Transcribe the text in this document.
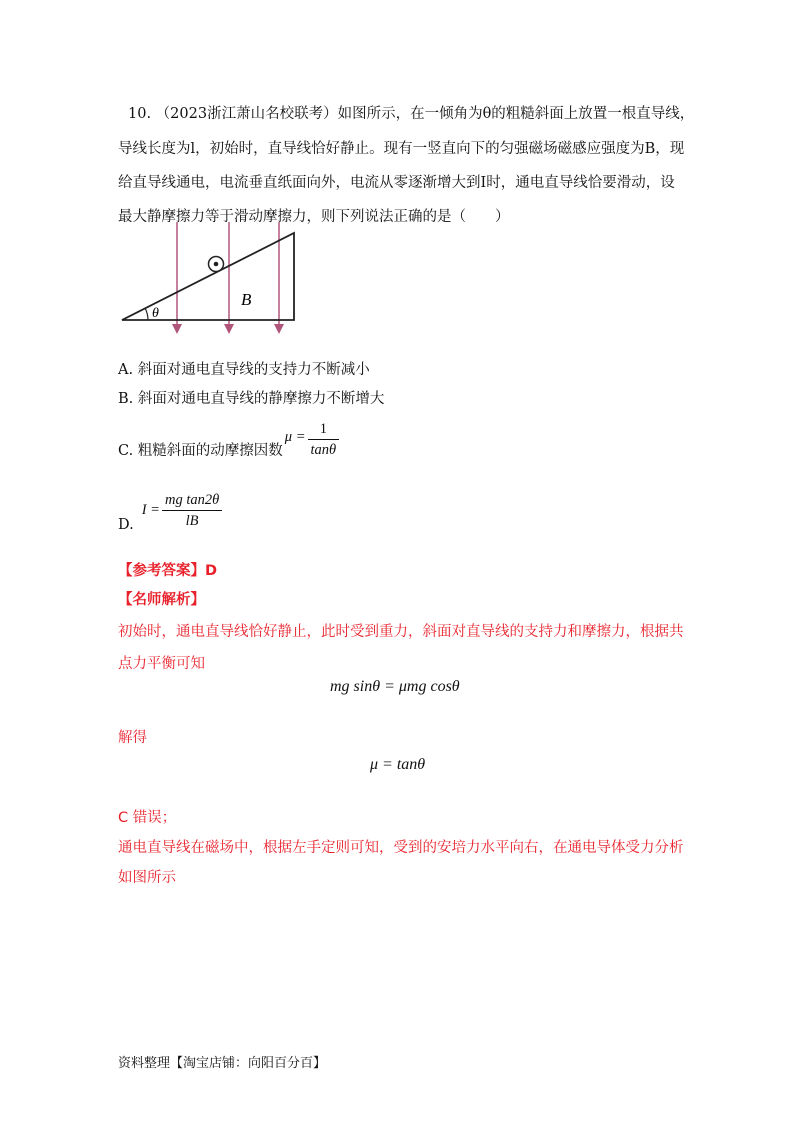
10. （2023浙江萧山名校联考）如图所示，在一倾角为θ的粗糙斜面上放置一根直导线，
导线长度为l，初始时，直导线恰好静止。现有一竖直向下的匀强磁场磁感应强度为B，现
给直导线通电，电流垂直纸面向外，电流从零逐渐增大到I时，通电直导线恰要滑动，设
最大静摩擦力等于滑动摩擦力，则下列说法正确的是（　　）
θ
B
A. 斜面对通电直导线的支持力不断减小
B. 斜面对通电直导线的静摩擦力不断增大
C. 粗糙斜面的动摩擦因数
$\mu = \frac{1}{\tan\theta}$
D.
$I = \frac{\text{mg tan2θ}}{lB}$
【参考答案】D
【名师解析】
初始时，通电直导线恰好静止，此时受到重力，斜面对直导线的支持力和摩擦力，根据共
点力平衡可知
mg sinθ = μmg cosθ
解得
μ = tanθ
C 错误；
通电直导线在磁场中，根据左手定则可知，受到的安培力水平向右，在通电导体受力分析
如图所示
资料整理【淘宝店铺：向阳百分百】
